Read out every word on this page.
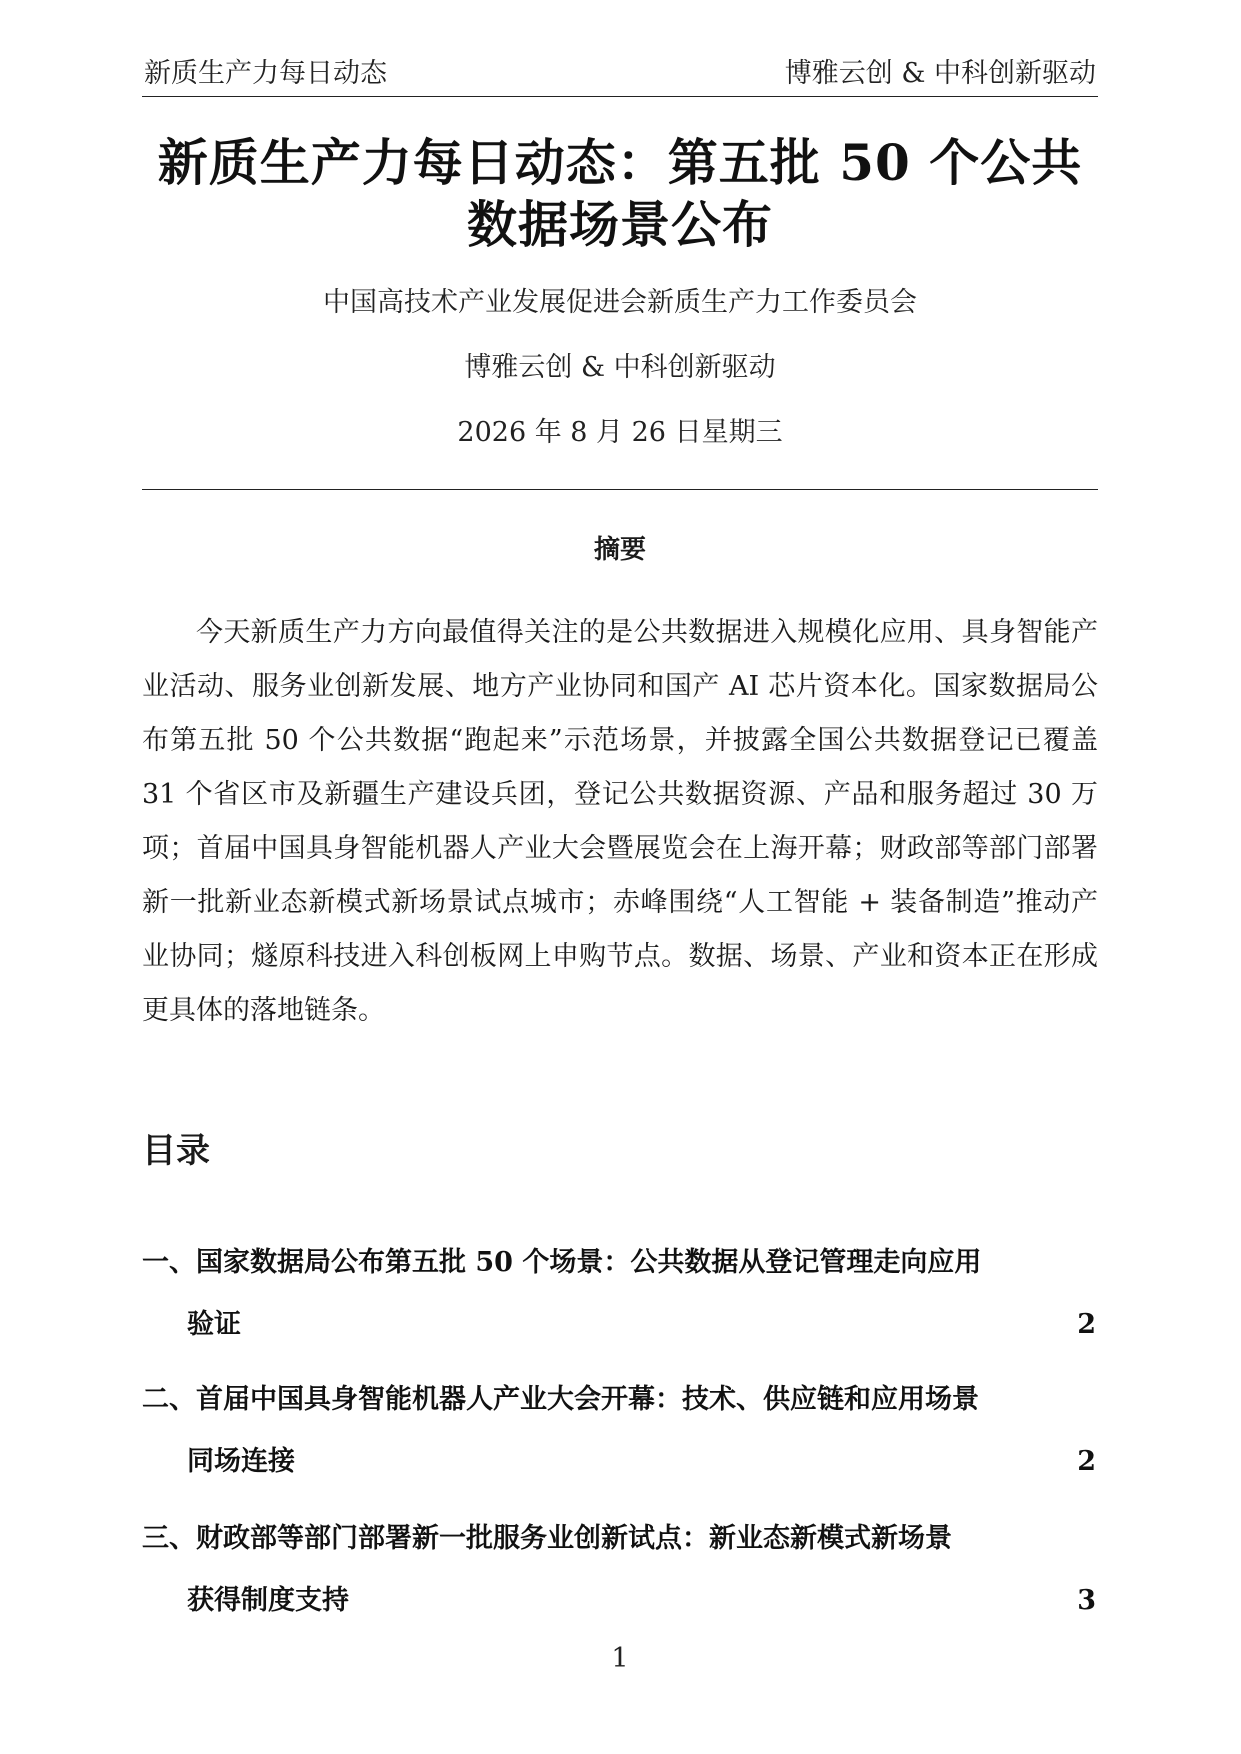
新质生产力每日动态	博雅云创 & 中科创新驱动
新质生产力每日动态：第五批 50 个公共
数据场景公布
中国高技术产业发展促进会新质生产力工作委员会
博雅云创 & 中科创新驱动
2026 年 8 月 26 日星期三
摘要

今天新质生产力方向最值得关注的是公共数据进入规模化应用、具身智能产业活动、服务业创新发展、地方产业协同和国产 AI 芯片资本化。国家数据局公布第五批 50 个公共数据“跑起来”示范场景，并披露全国公共数据登记已覆盖 31 个省区市及新疆生产建设兵团，登记公共数据资源、产品和服务超过 30 万项；首届中国具身智能机器人产业大会暨展览会在上海开幕；财政部等部门部署新一批新业态新模式新场景试点城市；赤峰围绕“人工智能 + 装备制造”推动产业协同；燧原科技进入科创板网上申购节点。数据、场景、产业和资本正在形成更具体的落地链条。

目录
一、国家数据局公布第五批 50 个场景：公共数据从登记管理走向应用
验证	2
二、首届中国具身智能机器人产业大会开幕：技术、供应链和应用场景
同场连接	2
三、财政部等部门部署新一批服务业创新试点：新业态新模式新场景
获得制度支持	3
1
